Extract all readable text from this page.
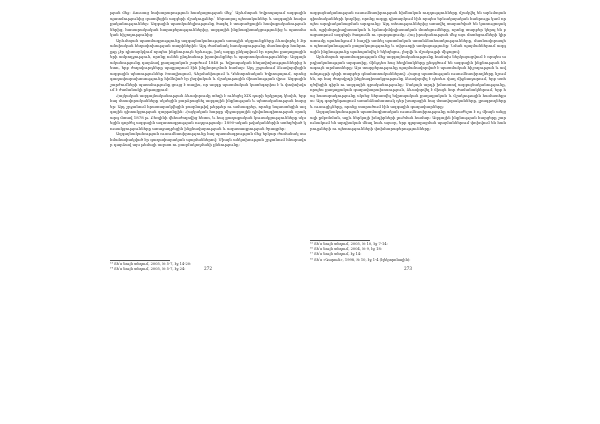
թյան մեջ: Ռուսաց նախարարություն հասկացության մեջ` Արևմտյան Եվրոպայում ազգային պատմությունից զատվեցին ազգերի մշակույթներ` ներառյալ պետականներ և ազգային հավաքականություններ: Ազգային պատկանելիությունը ծագել է տարածքային հավաքականություններից, հասարակական հարաբերություններից, ազգային ինքնագիտակցությունից և պատմական հիշողությունից:

Արևմտյան պատմագրությունը ազգայնականության առաջին սկզբունքները ձևավորել է Ֆրանսիական հեղափոխության տարիներին: Այդ ժամանակ հասկացությունը մասնավոր հանրույթը չէր դիտարկվում որպես ինքնուրույն երևույթ, իսկ ազգը ընկալվում էր որպես քաղաքացիների ամբողջություն, որոնք ունեն ընդհանուր իրավունքներ և պարտականություններ: Ազգայնականությունը դարձավ քաղաքական շարժում 1848 թ. եվրոպական հեղափոխություններից հետո, երբ ժողովուրդները պայքարում էին ինքնորոշման համար: Այդ շրջանում ձևավորվեցին ազգային պետություններ Իտալիայում, Գերմանիայում և Կենտրոնական Եվրոպայում, որոնց գաղափարախոսությունը հիմնված էր լեզվական և մշակութային միասնության վրա: Ազգային շարժումների պատմությունը ցույց է տալիս, որ ազգը պատմական կատեգորիա է և փոփոխվում է ժամանակի ընթացքում:

Հայկական ազգայնականության ձևավորումը տեղի է ունեցել XIX դարի երկրորդ կեսին, երբ հայ մտավորականները սկսեցին բարձրացնել ազգային ինքնության և պետականության հարցեր: Այդ շրջանում հրատարակվեցին բազմաթիվ թերթեր ու ամսագրեր, որոնք նպաստեցին ազգային գիտակցության զարթոնքին: Հայկական հարցը միջազգային դիվանագիտության օրակարգ մտավ 1878 թ. Բեռլինի վեհաժողովից հետո, և հայ քաղաքական կուսակցությունները սկսեցին գործել ազգային ազատագրության ուղղությամբ: 1890-ական թվականներին ստեղծված կուսակցությունները առաջադրեցին ինքնավարության և ազատագրության ծրագրեր:

Ազգայնականության ուսումնասիրությունը հայ պատմագրության մեջ երկար ժամանակ սահմանափակված էր գաղափարական պայմաններով: Միայն անկախության շրջանում հնարավոր դարձավ այս թեմայի ազատ ու բազմակողմանի քննությունը:

¹³ Տե՛ս նույն տեղում, 2005, № 5-7, էջ 14-20:

¹⁴ Տե՛ս նույն տեղում, 2005, № 5-7, էջ 24:	272

ազգայնականության ուսումնասիրության հիմնական ուղղությունները մշակվել են արևմտյան գիտնականների կողմից, որոնք ազգը դիտարկում էին որպես երևակայական հանրույթ կամ որպես արդիականացման արդյունք: Այդ տեսություններից առավել տարածված են կառուցողական, պրիմորդիալիստական և էթնոսիմվոլիստական մոտեցումները, որոնք տարբեր կերպ են բացատրում ազգերի ծագումն ու զարգացումը: Հայ իրականության մեջ այս մոտեցումների կիրառումը պահանջում է հաշվի առնել պատմական առանձնահատկությունները, մասնավորապես պետականության բացակայությունը և սփյուռքի առկայությունը: Նման պայմաններում ազգային ինքնությունը պահպանվել է եկեղեցու, լեզվի և մշակույթի միջոցով:

Արևմտյան պատմագրության մեջ ազգայնականությունը հաճախ ներկայացվում է որպես արդիականության արգասիք, մինչդեռ հայ հեղինակները ընդգծում են ազգային ինքնության հնագույն արմատները: Այս տարբերությունը պայմանավորված է պատմական հիշողության և ավանդույթի դերի տարբեր գնահատականներով: Հայոց պատմության ուսումնասիրողները նշում են, որ հայ ժողովրդի ինքնագիտակցությունը ձևավորվել է դեռևս վաղ միջնադարում, երբ ստեղծվեցին գիրն ու ազգային գրականությունը: Սակայն արդի իմաստով ազգայնականությունը, որպես քաղաքական գաղափարախոսություն, ձևավորվել է միայն նոր ժամանակներում, երբ հայ հասարակությունը սկսեց ներառվել եվրոպական քաղաքական և մշակութային համատեքստ: Այդ գործընթացում առանձնահատուկ դեր խաղացին հայ մտավորականները, լրագրողները և ուսուցիչները, որոնք տարածում էին ազգային գաղափարները:

Ազգայնականության պատմագիտական ուսումնասիրությունը անհրաժեշտ է ոչ միայն անցյալի ըմբռնման, այլև ներկայի խնդիրների լուծման համար: Ազգային ինքնության հարցերը շարունակում են արդիական մնալ նաև այսօր, երբ գլոբալացման պայմաններում փոխվում են հանրույթների ու պետությունների փոխհարաբերությունները:

¹⁵ Տե՛ս նույն տեղում, 2005, № 10, էջ 7-14:

¹⁶ Տե՛ս նույն տեղում, 2004, № 9, էջ 18:

¹⁷ Տե՛ս նույն տեղում, էջ 14:

¹⁸ Տե՛ս «Գարուն», 1998, № 10, էջ 1-4 (էլեկտրոնային):

273
